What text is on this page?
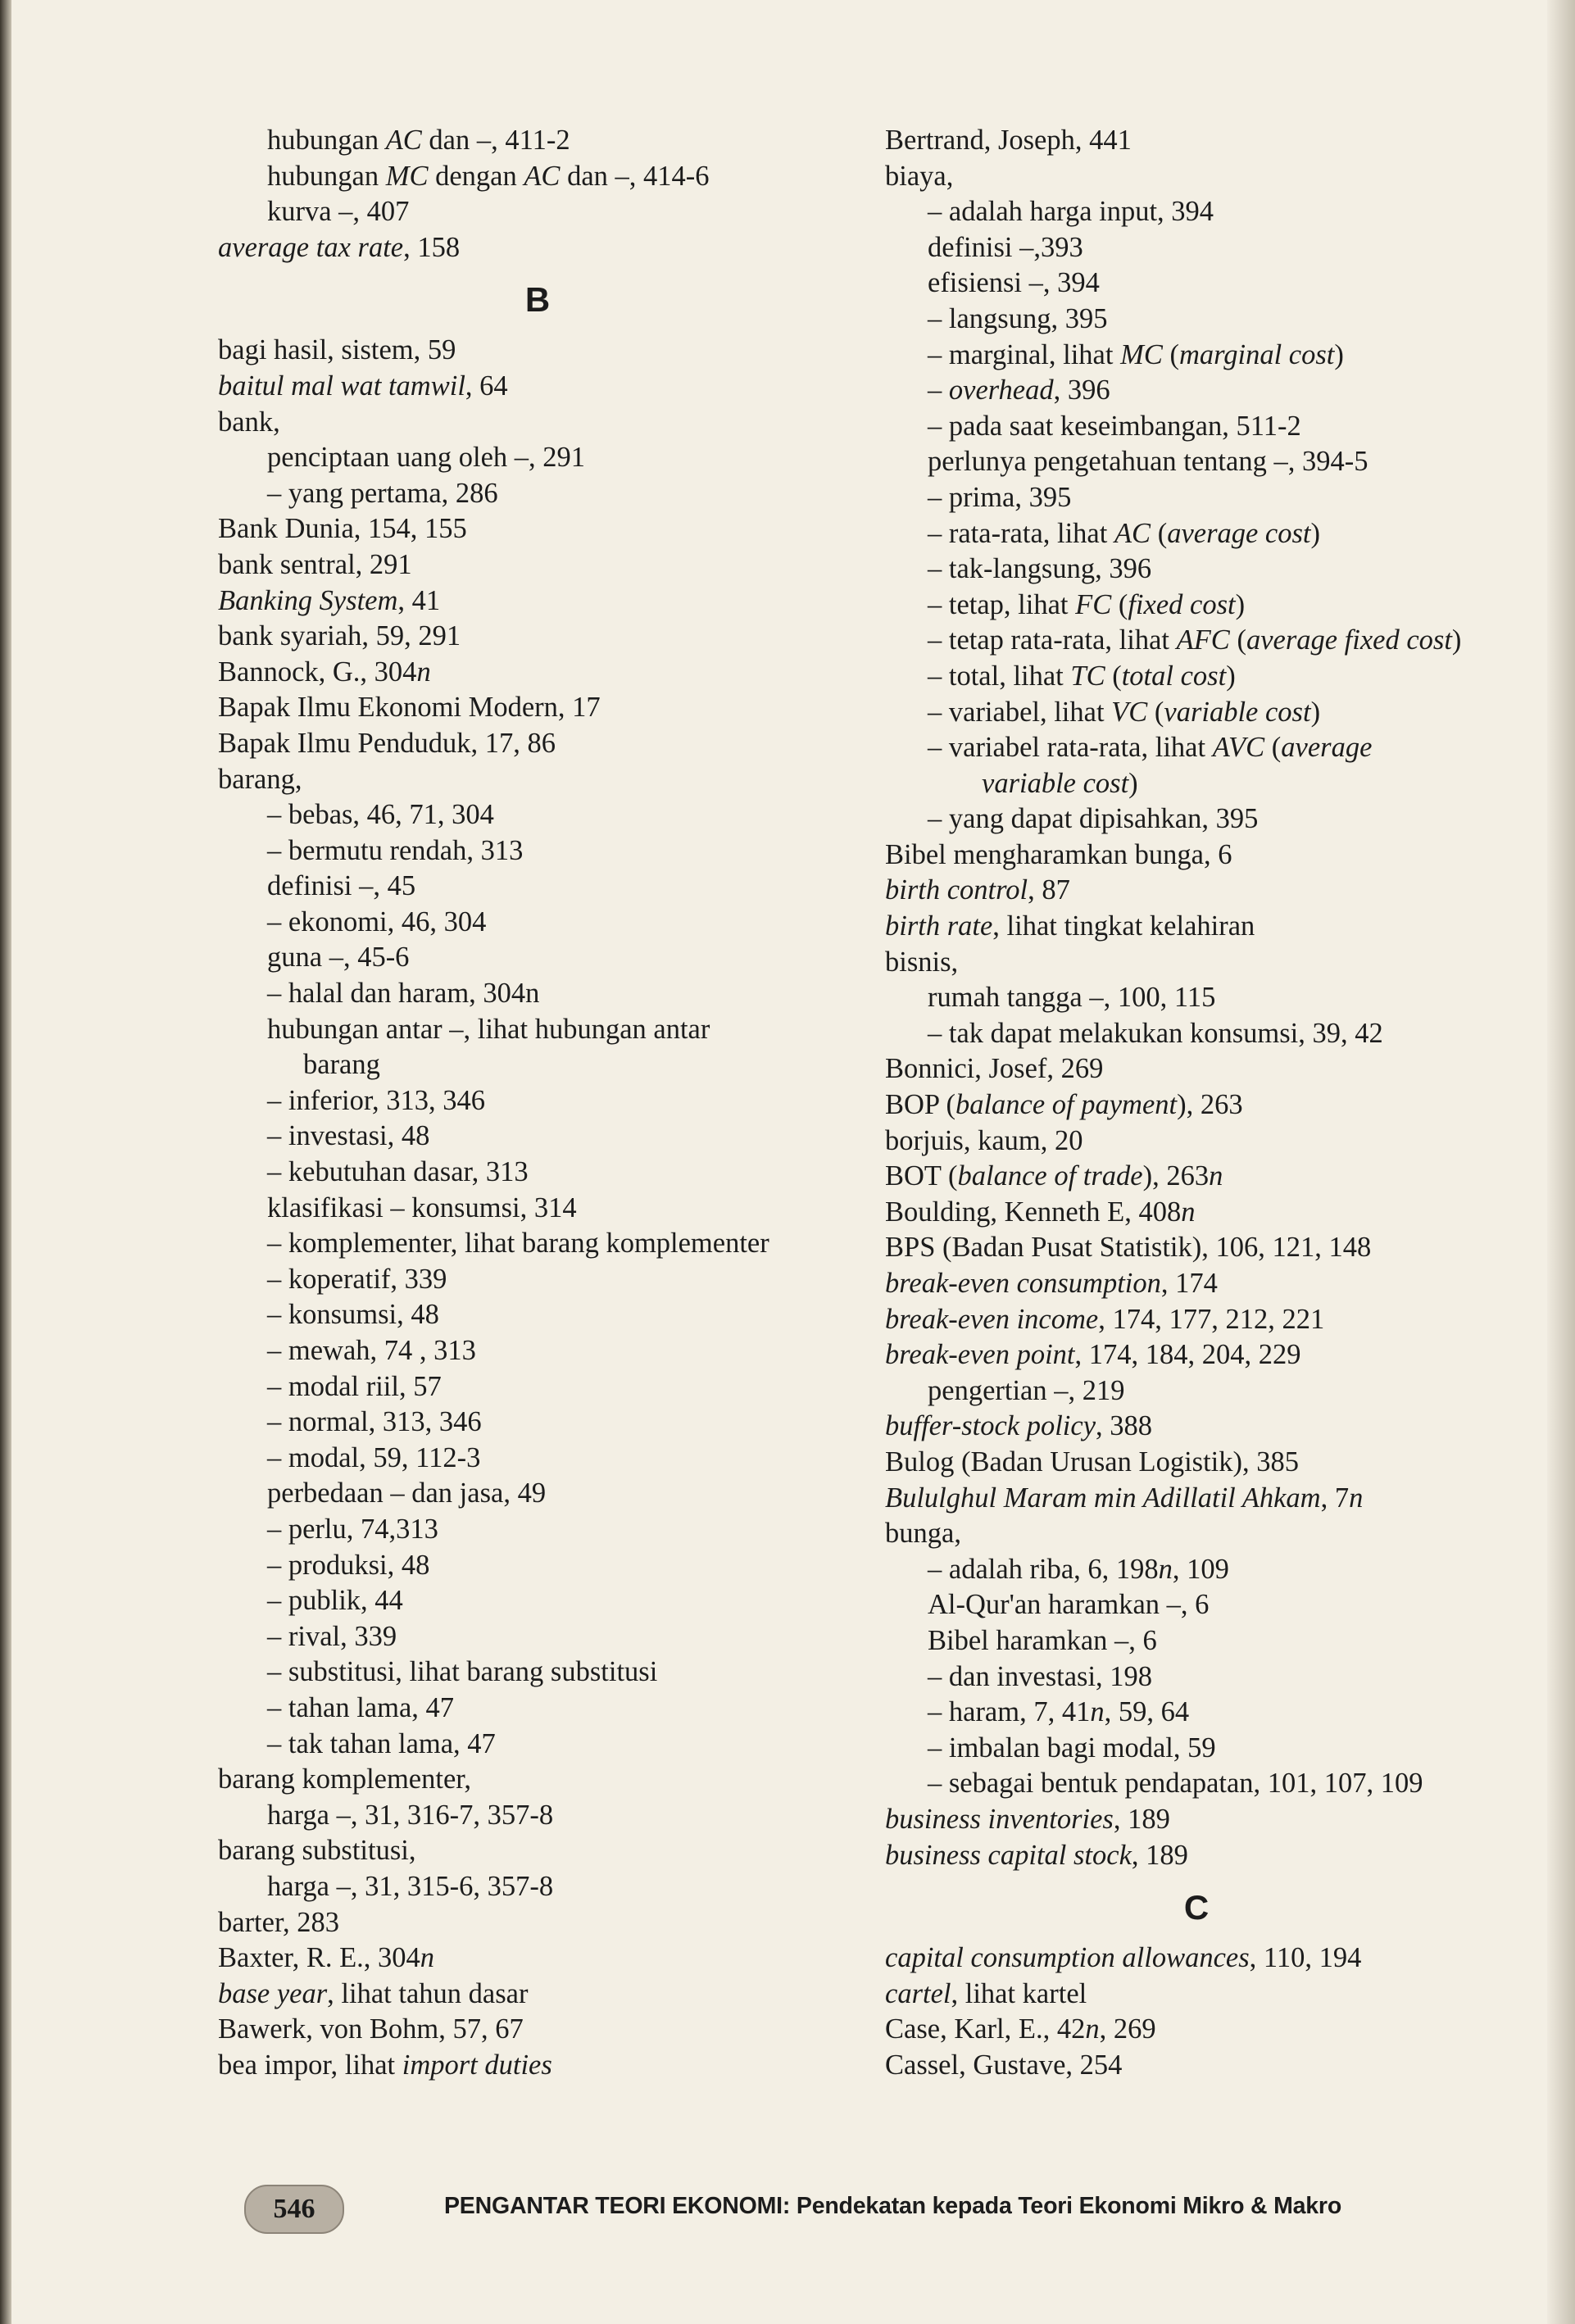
hubungan AC dan –, 411-2
hubungan MC dengan AC dan –, 414-6
kurva –, 407
average tax rate, 158
B
bagi hasil, sistem, 59
baitul mal wat tamwil, 64
bank,
penciptaan uang oleh –, 291
– yang pertama, 286
Bank Dunia, 154, 155
bank sentral, 291
Banking System, 41
bank syariah, 59, 291
Bannock, G., 304n
Bapak Ilmu Ekonomi Modern, 17
Bapak Ilmu Penduduk, 17, 86
barang,
– bebas, 46, 71, 304
– bermutu rendah, 313
definisi –, 45
– ekonomi, 46, 304
guna –, 45-6
– halal dan haram, 304n
hubungan antar –, lihat hubungan antar
barang
– inferior, 313, 346
– investasi, 48
– kebutuhan dasar, 313
klasifikasi – konsumsi, 314
– komplementer, lihat barang komplementer
– koperatif, 339
– konsumsi, 48
– mewah, 74 , 313
– modal riil, 57
– normal, 313, 346
– modal, 59, 112-3
perbedaan – dan jasa, 49
– perlu, 74,313
– produksi, 48
– publik, 44
– rival, 339
– substitusi, lihat barang substitusi
– tahan lama, 47
– tak tahan lama, 47
barang komplementer,
harga –, 31, 316-7, 357-8
barang substitusi,
harga –, 31, 315-6, 357-8
barter, 283
Baxter, R. E., 304n
base year, lihat tahun dasar
Bawerk, von Bohm, 57, 67
bea impor, lihat import duties
Bertrand, Joseph, 441
biaya,
– adalah harga input, 394
definisi –,393
efisiensi –, 394
– langsung, 395
– marginal, lihat MC (marginal cost)
– overhead, 396
– pada saat keseimbangan, 511-2
perlunya pengetahuan tentang –, 394-5
– prima, 395
– rata-rata, lihat AC (average cost)
– tak-langsung, 396
– tetap, lihat FC (fixed cost)
– tetap rata-rata, lihat AFC (average fixed cost)
– total, lihat TC (total cost)
– variabel, lihat VC (variable cost)
– variabel rata-rata, lihat AVC (average
variable cost)
– yang dapat dipisahkan, 395
Bibel mengharamkan bunga, 6
birth control, 87
birth rate, lihat tingkat kelahiran
bisnis,
rumah tangga –, 100, 115
– tak dapat melakukan konsumsi, 39, 42
Bonnici, Josef, 269
BOP (balance of payment), 263
borjuis, kaum, 20
BOT (balance of trade), 263n
Boulding, Kenneth E, 408n
BPS (Badan Pusat Statistik), 106, 121, 148
break-even consumption, 174
break-even income, 174, 177, 212, 221
break-even point, 174, 184, 204, 229
pengertian –, 219
buffer-stock policy, 388
Bulog (Badan Urusan Logistik), 385
Bululghul Maram min Adillatil Ahkam, 7n
bunga,
– adalah riba, 6, 198n, 109
Al-Qur'an haramkan –, 6
Bibel haramkan –, 6
– dan investasi, 198
– haram, 7, 41n, 59, 64
– imbalan bagi modal, 59
– sebagai bentuk pendapatan, 101, 107, 109
business inventories, 189
business capital stock, 189
C
capital consumption allowances, 110, 194
cartel, lihat kartel
Case, Karl, E., 42n, 269
Cassel, Gustave, 254
546	PENGANTAR TEORI EKONOMI: Pendekatan kepada Teori Ekonomi Mikro & Makro
